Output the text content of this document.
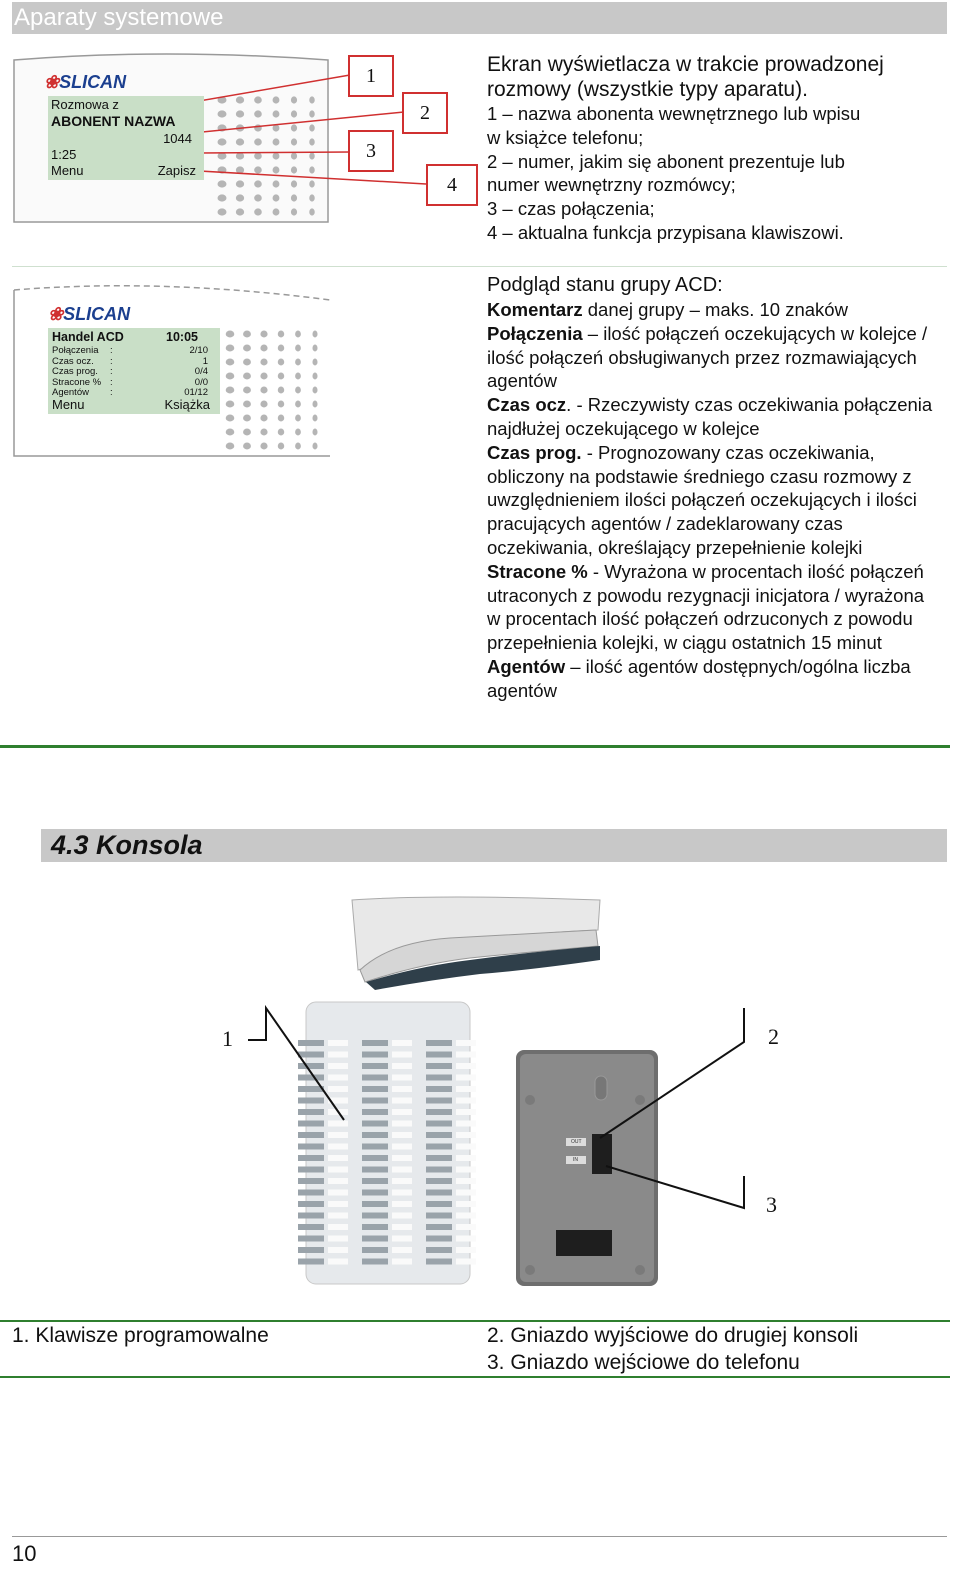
Aparaty systemowe
❀SLICAN
Rozmowa z
ABONENT NAZWA
1044
1:25
Menu	Zapisz
1
2
3
4

Ekran wyświetlacza w trakcie prowadzonej

rozmowy (wszystkie typy aparatu).

1 – nazwa abonenta wewnętrznego lub wpisu

w książce telefonu;

2 – numer, jakim się abonent prezentuje lub

numer wewnętrzny rozmówcy;

3 – czas połączenia;

4 – aktualna funkcja przypisana klawiszowi.

❀SLICAN
Handel ACD	10:05
Połączenia :	2/10
Czas ocz. :	1
Czas prog. :	0/4
Stracone % :	0/0
Agentów :	01/12
Menu	Książka

Podgląd stanu grupy ACD:

Komentarz danej grupy – maks. 10 znaków

Połączenia – ilość połączeń oczekujących w kolejce / ilość połączeń obsługiwanych przez rozmawiających agentów

Czas ocz. - Rzeczywisty czas oczekiwania połączenia najdłużej oczekującego w kolejce

Czas prog. - Prognozowany czas oczekiwania, obliczony na podstawie średniego czasu rozmowy z uwzględnieniem ilości połączeń oczekujących i ilości pracujących agentów / zadeklarowany czas oczekiwania, określający przepełnienie kolejki

Stracone % - Wyrażona w procentach ilość połączeń utraconych z powodu rezygnacji inicjatora / wyrażona w procentach ilość połączeń odrzuconych z powodu przepełnienia kolejki, w ciągu ostatnich 15 minut

Agentów – ilość agentów dostępnych/ogólna liczba agentów

4.3 Konsola
OUT
IN
1	2
3
1. Klawisze programowalne	2. Gniazdo wyjściowe do drugiej konsoli
3. Gniazdo wejściowe do telefonu
10
